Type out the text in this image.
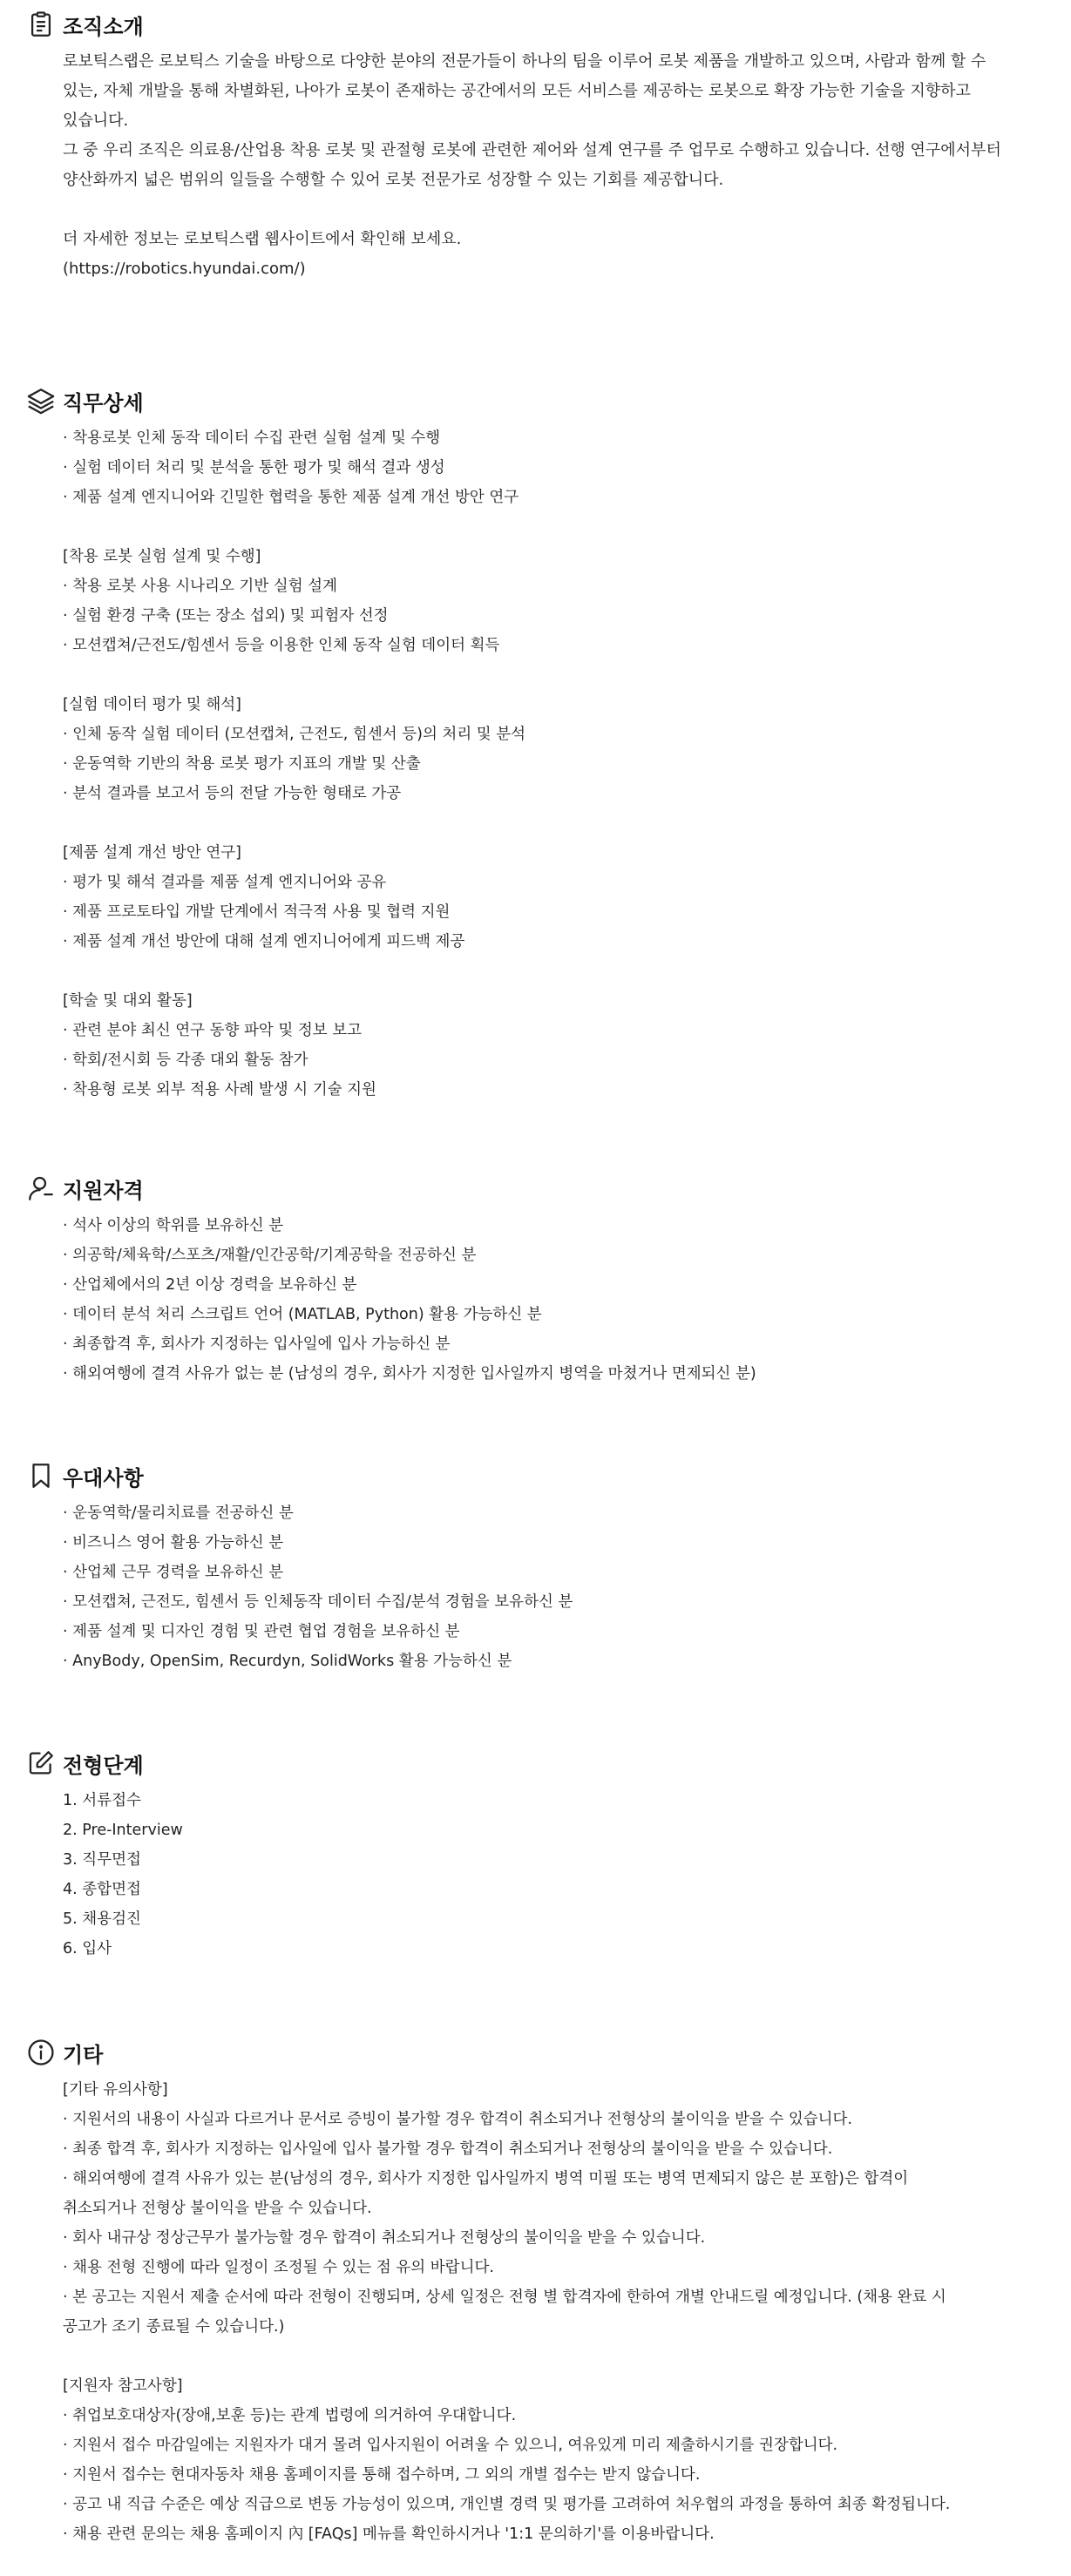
조직소개
로보틱스랩은 로보틱스 기술을 바탕으로 다양한 분야의 전문가들이 하나의 팀을 이루어 로봇 제품을 개발하고 있으며, 사람과 함께 할 수
있는, 자체 개발을 통해 차별화된, 나아가 로봇이 존재하는 공간에서의 모든 서비스를 제공하는 로봇으로 확장 가능한 기술을 지향하고
있습니다.
그 중 우리 조직은 의료용/산업용 착용 로봇 및 관절형 로봇에 관련한 제어와 설계 연구를 주 업무로 수행하고 있습니다. 선행 연구에서부터
양산화까지 넓은 범위의 일들을 수행할 수 있어 로봇 전문가로 성장할 수 있는 기회를 제공합니다.
더 자세한 정보는 로보틱스랩 웹사이트에서 확인해 보세요.
(https://robotics.hyundai.com/)
직무상세
· 착용로봇 인체 동작 데이터 수집 관련 실험 설계 및 수행
· 실험 데이터 처리 및 분석을 통한 평가 및 해석 결과 생성
· 제품 설계 엔지니어와 긴밀한 협력을 통한 제품 설계 개선 방안 연구
[착용 로봇 실험 설계 및 수행]
· 착용 로봇 사용 시나리오 기반 실험 설계
· 실험 환경 구축 (또는 장소 섭외) 및 피험자 선정
· 모션캡쳐/근전도/힘센서 등을 이용한 인체 동작 실험 데이터 획득
[실험 데이터 평가 및 해석]
· 인체 동작 실험 데이터 (모션캡쳐, 근전도, 힘센서 등)의 처리 및 분석
· 운동역학 기반의 착용 로봇 평가 지표의 개발 및 산출
· 분석 결과를 보고서 등의 전달 가능한 형태로 가공
[제품 설계 개선 방안 연구]
· 평가 및 해석 결과를 제품 설계 엔지니어와 공유
· 제품 프로토타입 개발 단계에서 적극적 사용 및 협력 지원
· 제품 설계 개선 방안에 대해 설계 엔지니어에게 피드백 제공
[학술 및 대외 활동]
· 관련 분야 최신 연구 동향 파악 및 정보 보고
· 학회/전시회 등 각종 대외 활동 참가
· 착용형 로봇 외부 적용 사례 발생 시 기술 지원
지원자격
· 석사 이상의 학위를 보유하신 분
· 의공학/체육학/스포츠/재활/인간공학/기계공학을 전공하신 분
· 산업체에서의 2년 이상 경력을 보유하신 분
· 데이터 분석 처리 스크립트 언어 (MATLAB, Python) 활용 가능하신 분
· 최종합격 후, 회사가 지정하는 입사일에 입사 가능하신 분
· 해외여행에 결격 사유가 없는 분 (남성의 경우, 회사가 지정한 입사일까지 병역을 마쳤거나 면제되신 분)
우대사항
· 운동역학/물리치료를 전공하신 분
· 비즈니스 영어 활용 가능하신 분
· 산업체 근무 경력을 보유하신 분
· 모션캡쳐, 근전도, 힘센서 등 인체동작 데이터 수집/분석 경험을 보유하신 분
· 제품 설계 및 디자인 경험 및 관련 협업 경험을 보유하신 분
· AnyBody, OpenSim, Recurdyn, SolidWorks 활용 가능하신 분
전형단계
1. 서류접수
2. Pre-Interview
3. 직무면접
4. 종합면접
5. 채용검진
6. 입사
기타
[기타 유의사항]
· 지원서의 내용이 사실과 다르거나 문서로 증빙이 불가할 경우 합격이 취소되거나 전형상의 불이익을 받을 수 있습니다.
· 최종 합격 후, 회사가 지정하는 입사일에 입사 불가할 경우 합격이 취소되거나 전형상의 불이익을 받을 수 있습니다.
· 해외여행에 결격 사유가 있는 분(남성의 경우, 회사가 지정한 입사일까지 병역 미필 또는 병역 면제되지 않은 분 포함)은 합격이
취소되거나 전형상 불이익을 받을 수 있습니다.
· 회사 내규상 정상근무가 불가능할 경우 합격이 취소되거나 전형상의 불이익을 받을 수 있습니다.
· 채용 전형 진행에 따라 일정이 조정될 수 있는 점 유의 바랍니다.
· 본 공고는 지원서 제출 순서에 따라 전형이 진행되며, 상세 일정은 전형 별 합격자에 한하여 개별 안내드릴 예정입니다. (채용 완료 시
공고가 조기 종료될 수 있습니다.)
[지원자 참고사항]
· 취업보호대상자(장애,보훈 등)는 관계 법령에 의거하여 우대합니다.
· 지원서 접수 마감일에는 지원자가 대거 몰려 입사지원이 어려울 수 있으니, 여유있게 미리 제출하시기를 권장합니다.
· 지원서 접수는 현대자동차 채용 홈페이지를 통해 접수하며, 그 외의 개별 접수는 받지 않습니다.
· 공고 내 직급 수준은 예상 직급으로 변동 가능성이 있으며, 개인별 경력 및 평가를 고려하여 처우협의 과정을 통하여 최종 확정됩니다.
· 채용 관련 문의는 채용 홈페이지 內 [FAQs] 메뉴를 확인하시거나 '1:1 문의하기'를 이용바랍니다.
